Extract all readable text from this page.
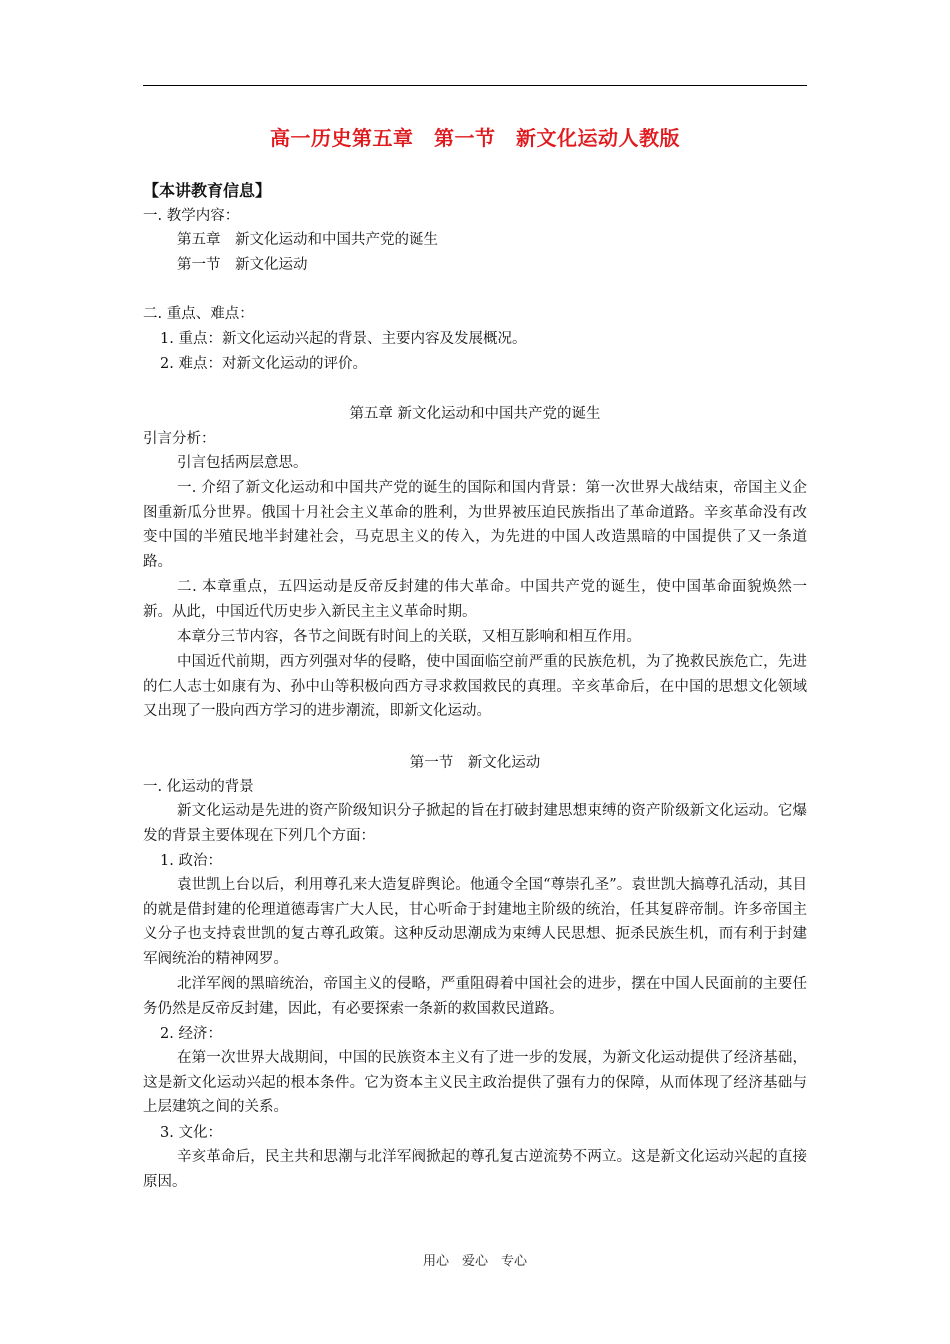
高一历史第五章　第一节　新文化运动人教版
【本讲教育信息】
一. 教学内容：
第五章　新文化运动和中国共产党的诞生
第一节　新文化运动
二. 重点、难点：
1. 重点：新文化运动兴起的背景、主要内容及发展概况。
2. 难点：对新文化运动的评价。
第五章 新文化运动和中国共产党的诞生
引言分析：

引言包括两层意思。

一. 介绍了新文化运动和中国共产党的诞生的国际和国内背景：第一次世界大战结束，帝国主义企图重新瓜分世界。俄国十月社会主义革命的胜利，为世界被压迫民族指出了革命道路。辛亥革命没有改变中国的半殖民地半封建社会，马克思主义的传入，为先进的中国人改造黑暗的中国提供了又一条道路。

二. 本章重点，五四运动是反帝反封建的伟大革命。中国共产党的诞生，使中国革命面貌焕然一新。从此，中国近代历史步入新民主主义革命时期。

本章分三节内容，各节之间既有时间上的关联，又相互影响和相互作用。

中国近代前期，西方列强对华的侵略，使中国面临空前严重的民族危机，为了挽救民族危亡，先进的仁人志士如康有为、孙中山等积极向西方寻求救国救民的真理。辛亥革命后，在中国的思想文化领域又出现了一股向西方学习的进步潮流，即新文化运动。

第一节　新文化运动
一. 化运动的背景

新文化运动是先进的资产阶级知识分子掀起的旨在打破封建思想束缚的资产阶级新文化运动。它爆发的背景主要体现在下列几个方面：

1. 政治：

袁世凯上台以后，利用尊孔来大造复辟舆论。他通令全国“尊崇孔圣”。袁世凯大搞尊孔活动，其目的就是借封建的伦理道德毒害广大人民，甘心听命于封建地主阶级的统治，任其复辟帝制。许多帝国主义分子也支持袁世凯的复古尊孔政策。这种反动思潮成为束缚人民思想、扼杀民族生机，而有利于封建军阀统治的精神网罗。

北洋军阀的黑暗统治，帝国主义的侵略，严重阻碍着中国社会的进步，摆在中国人民面前的主要任务仍然是反帝反封建，因此，有必要探索一条新的救国救民道路。

2. 经济：

在第一次世界大战期间，中国的民族资本主义有了进一步的发展，为新文化运动提供了经济基础，这是新文化运动兴起的根本条件。它为资本主义民主政治提供了强有力的保障，从而体现了经济基础与上层建筑之间的关系。

3. 文化：

辛亥革命后，民主共和思潮与北洋军阀掀起的尊孔复古逆流势不两立。这是新文化运动兴起的直接原因。

用心　爱心　专心
